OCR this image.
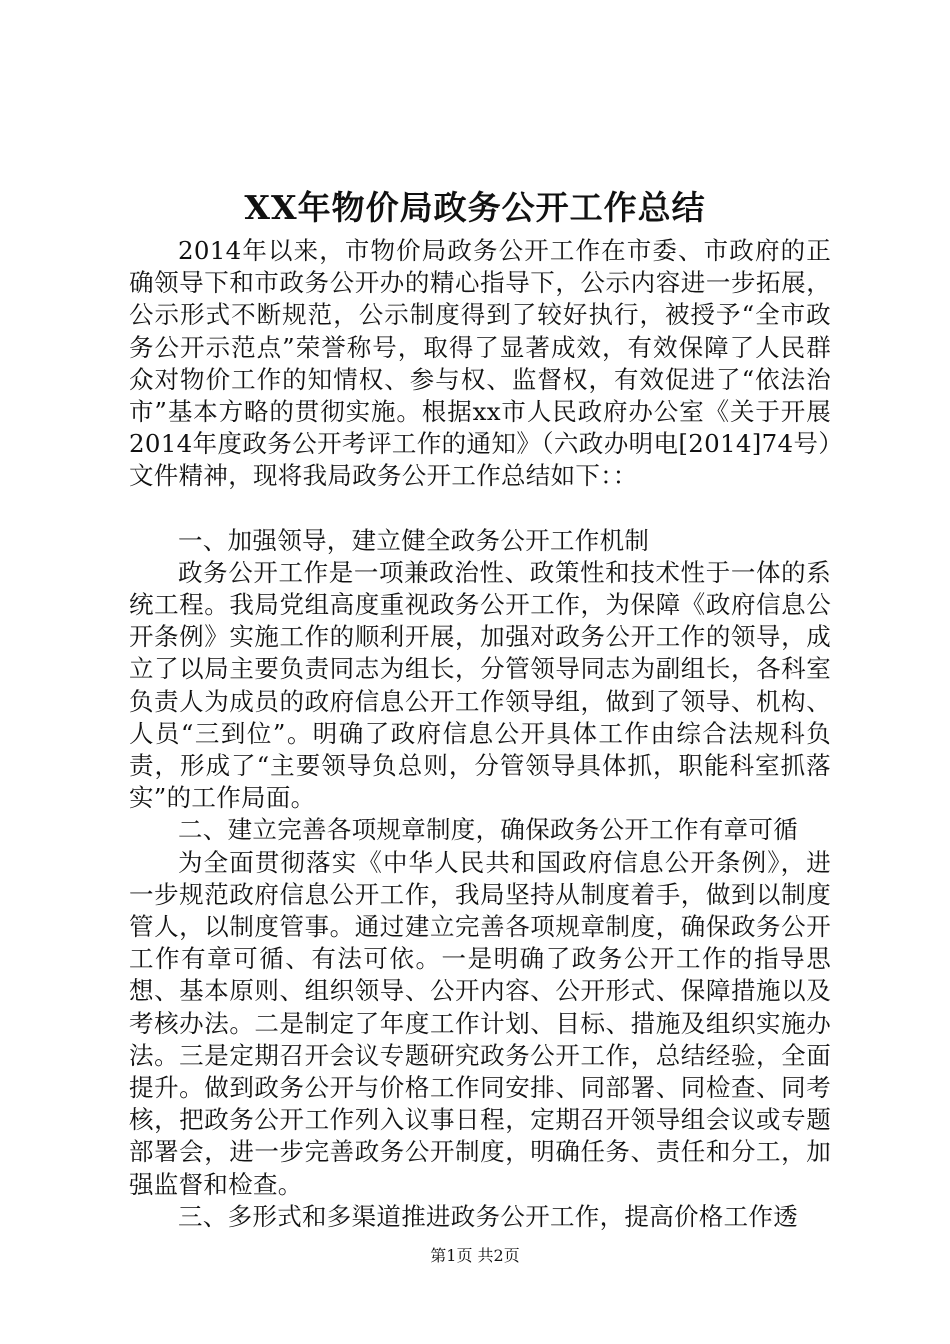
XX年物价局政务公开工作总结

2014年以来，市物价局政务公开工作在市委、市政府的正确领导下和市政务公开办的精心指导下，公示内容进一步拓展，公示形式不断规范，公示制度得到了较好执行，被授予“全市政务公开示范点”荣誉称号，取得了显著成效，有效保障了人民群众对物价工作的知情权、参与权、监督权，有效促进了“依法治市”基本方略的贯彻实施。根据xx市人民政府办公室《关于开展2014年度政务公开考评工作的通知》（六政办明电[2014]74号）文件精神，现将我局政务公开工作总结如下：：

一、加强领导，建立健全政务公开工作机制

政务公开工作是一项兼政治性、政策性和技术性于一体的系统工程。我局党组高度重视政务公开工作，为保障《政府信息公开条例》实施工作的顺利开展，加强对政务公开工作的领导，成立了以局主要负责同志为组长，分管领导同志为副组长，各科室负责人为成员的政府信息公开工作领导组，做到了领导、机构、人员“三到位”。明确了政府信息公开具体工作由综合法规科负责，形成了“主要领导负总则，分管领导具体抓，职能科室抓落实”的工作局面。

二、建立完善各项规章制度，确保政务公开工作有章可循

为全面贯彻落实《中华人民共和国政府信息公开条例》，进一步规范政府信息公开工作，我局坚持从制度着手，做到以制度管人，以制度管事。通过建立完善各项规章制度，确保政务公开工作有章可循、有法可依。一是明确了政务公开工作的指导思想、基本原则、组织领导、公开内容、公开形式、保障措施以及考核办法。二是制定了年度工作计划、目标、措施及组织实施办法。三是定期召开会议专题研究政务公开工作，总结经验，全面提升。做到政务公开与价格工作同安排、同部署、同检查、同考核，把政务公开工作列入议事日程，定期召开领导组会议或专题部署会，进一步完善政务公开制度，明确任务、责任和分工，加强监督和检查。

三、多形式和多渠道推进政务公开工作，提高价格工作透

第1页 共2页
